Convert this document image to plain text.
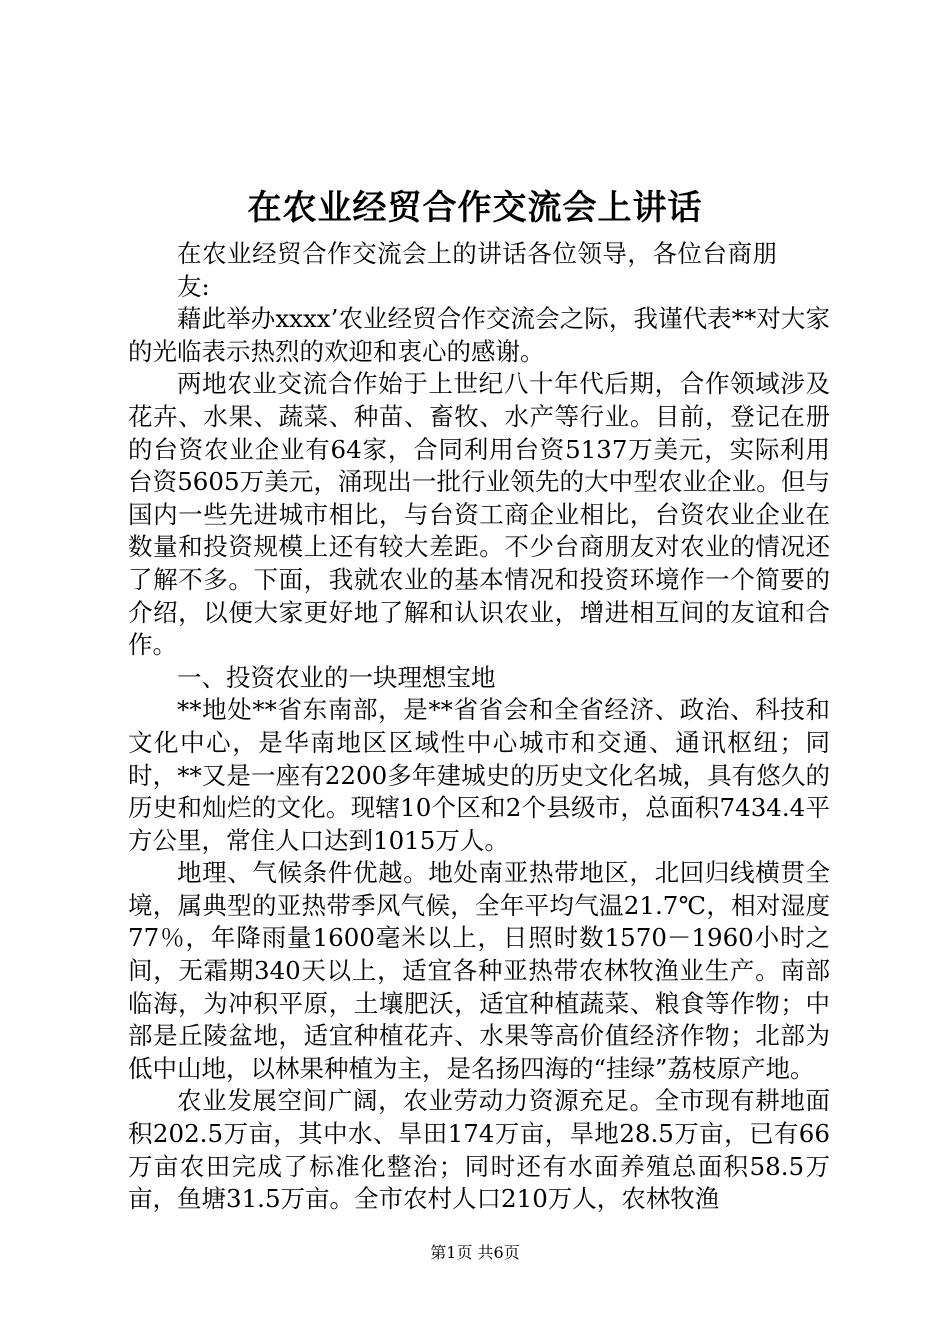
在农业经贸合作交流会上讲话

在农业经贸合作交流会上的讲话各位领导，各位台商朋友:

藉此举办xxxx’农业经贸合作交流会之际，我谨代表**对大家的光临表示热烈的欢迎和衷心的感谢。

两地农业交流合作始于上世纪八十年代后期，合作领域涉及花卉、水果、蔬菜、种苗、畜牧、水产等行业。目前，登记在册的台资农业企业有64家，合同利用台资5137万美元，实际利用台资5605万美元，涌现出一批行业领先的大中型农业企业。但与国内一些先进城市相比，与台资工商企业相比，台资农业企业在数量和投资规模上还有较大差距。不少台商朋友对农业的情况还了解不多。下面，我就农业的基本情况和投资环境作一个简要的介绍，以便大家更好地了解和认识农业，增进相互间的友谊和合作。

一、投资农业的一块理想宝地

**地处**省东南部，是**省省会和全省经济、政治、科技和文化中心，是华南地区区域性中心城市和交通、通讯枢纽；同时，**又是一座有2200多年建城史的历史文化名城，具有悠久的历史和灿烂的文化。现辖10个区和2个县级市，总面积7434.4平方公里，常住人口达到1015万人。

地理、气候条件优越。地处南亚热带地区，北回归线横贯全境，属典型的亚热带季风气候，全年平均气温21.7℃，相对湿度77％，年降雨量1600毫米以上，日照时数1570－1960小时之间，无霜期340天以上，适宜各种亚热带农林牧渔业生产。南部临海，为冲积平原，土壤肥沃，适宜种植蔬菜、粮食等作物；中部是丘陵盆地，适宜种植花卉、水果等高价值经济作物；北部为低中山地，以林果种植为主，是名扬四海的“挂绿”荔枝原产地。

农业发展空间广阔，农业劳动力资源充足。全市现有耕地面积202.5万亩，其中水、旱田174万亩，旱地28.5万亩，已有66万亩农田完成了标准化整治；同时还有水面养殖总面积58.5万亩，鱼塘31.5万亩。全市农村人口210万人，农林牧渔

第1页 共6页
